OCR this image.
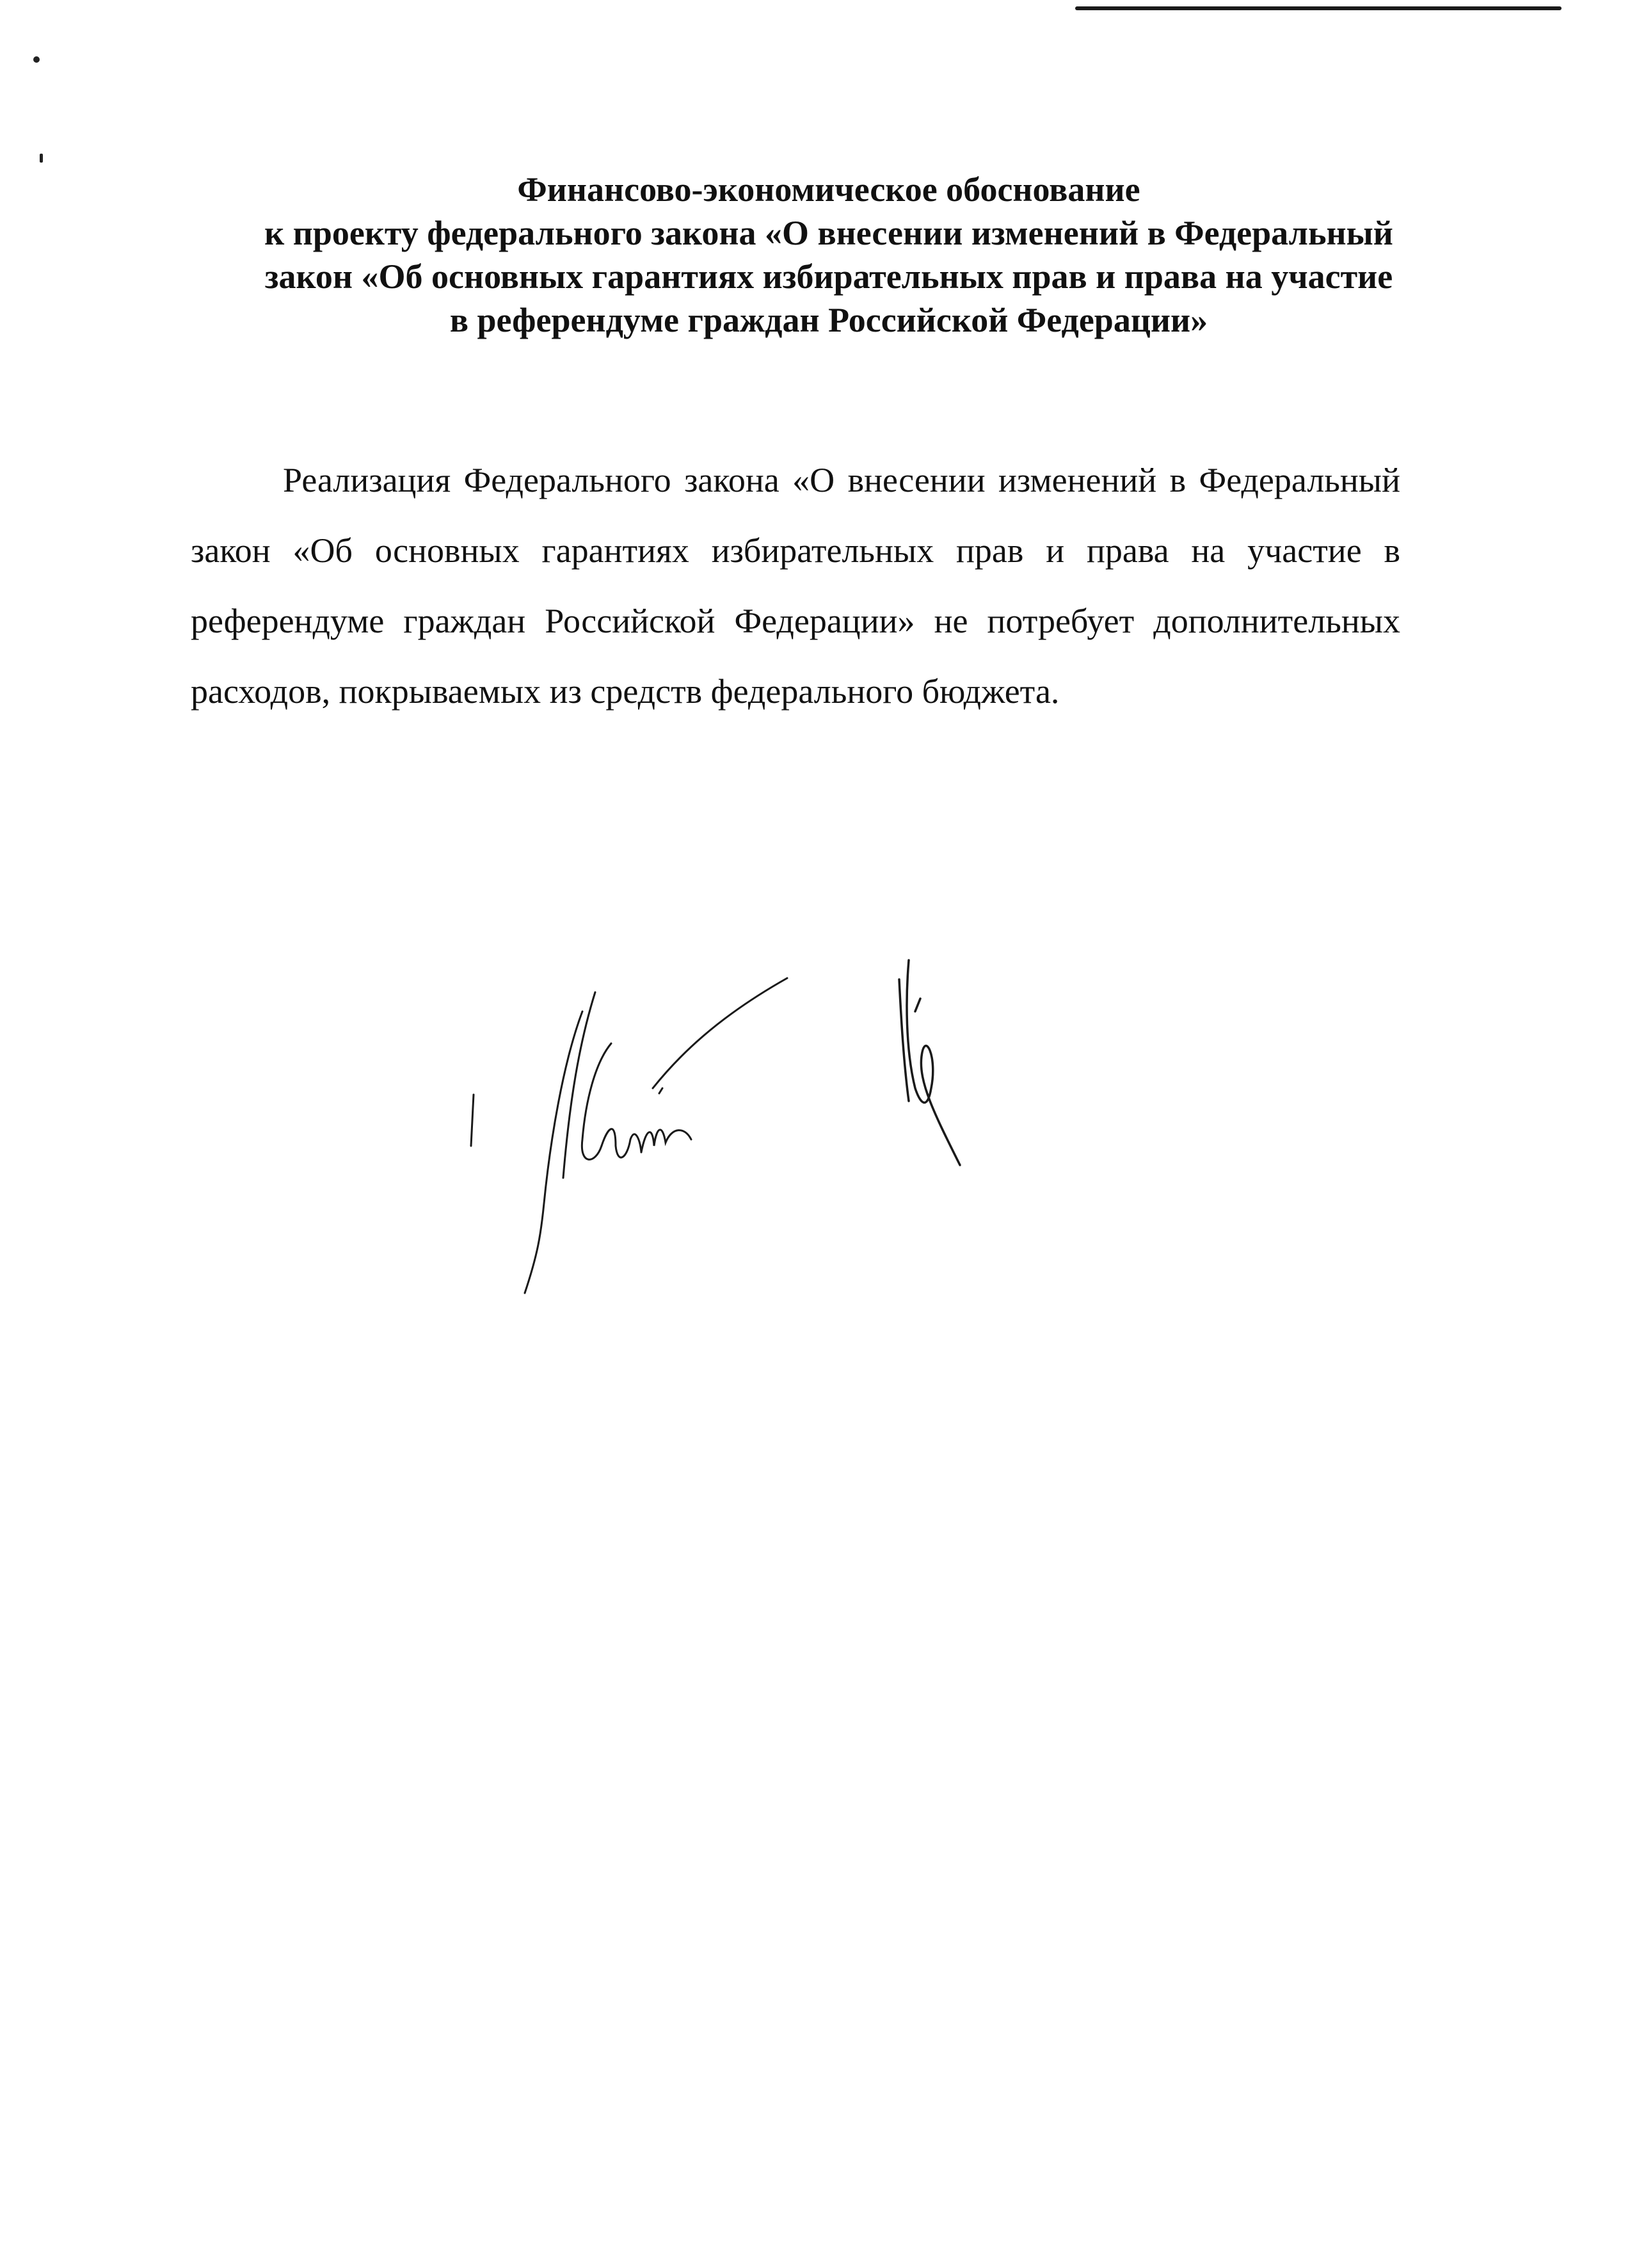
Финансово-экономическое обоснование
к проекту федерального закона «О внесении изменений в Федеральный
закон «Об основных гарантиях избирательных прав и права на участие
в референдуме граждан Российской Федерации»

Реализация Федерального закона «О внесении изменений в Федеральный закон «Об основных гарантиях избирательных прав и права на участие в референдуме граждан Российской Федерации» не потребует дополнительных расходов, покрываемых из средств федерального бюджета.
